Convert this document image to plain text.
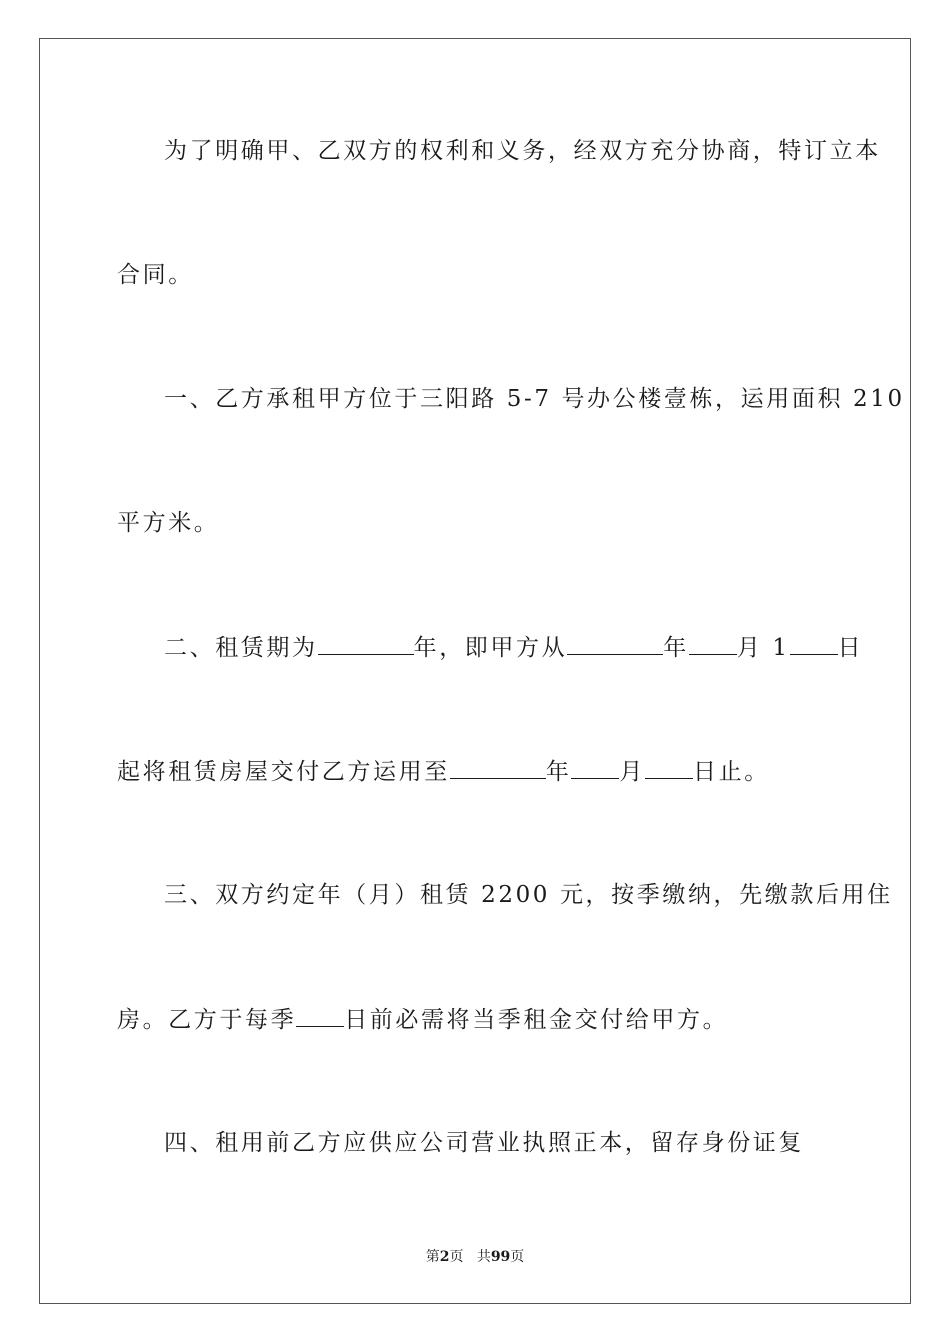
为了明确甲、乙双方的权利和义务，经双方充分协商，特订立本
合同。
一、乙方承租甲方位于三阳路 5-7 号办公楼壹栋，运用面积 210
平方米。
二、租赁期为	年，即甲方从	年 月 1 日
起将租赁房屋交付乙方运用至	年 月 日止。
三、双方约定年（月）租赁 2200 元，按季缴纳，先缴款后用住
房。乙方于每季 日前必需将当季租金交付给甲方。
四、租用前乙方应供应公司营业执照正本，留存身份证复
第2页 共99页
